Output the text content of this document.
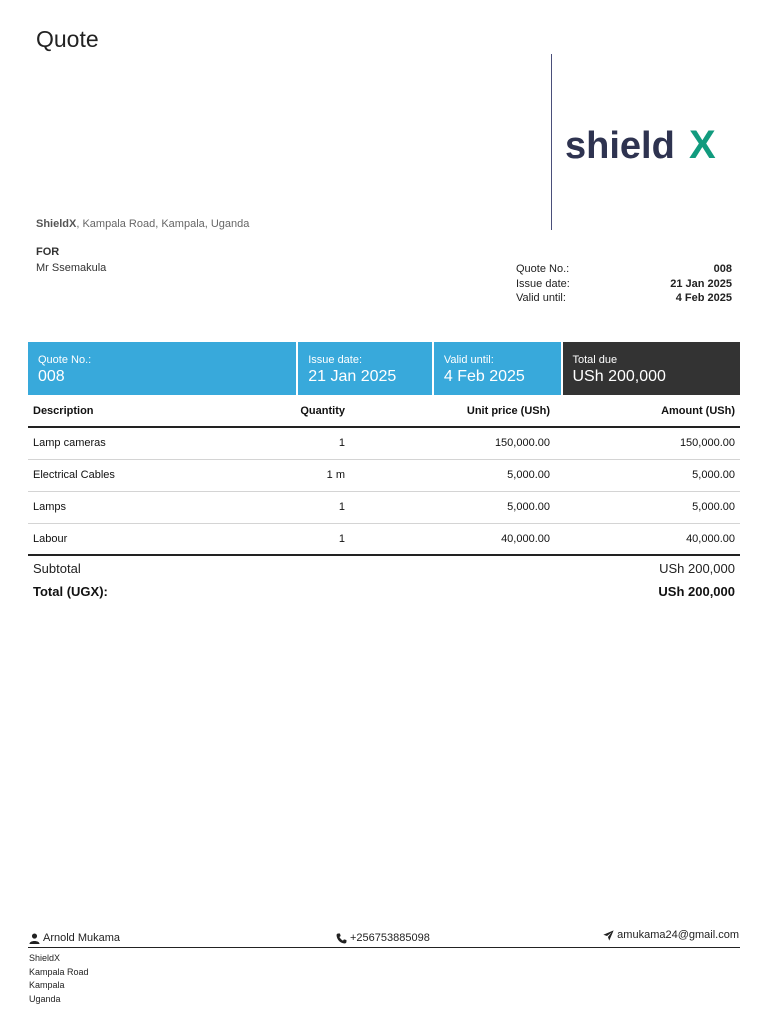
Quote
shield X
ShieldX, Kampala Road, Kampala, Uganda
FOR
Mr Ssemakula	Quote No.:	008
Issue date:	21 Jan 2025
Valid until:	4 Feb 2025
Quote No.:
008
Issue date:
21 Jan 2025
Valid until:
4 Feb 2025
Total due
USh 200,000
Description	Quantity	Unit price (USh)	Amount (USh)
Lamp cameras	1	150,000.00	150,000.00
Electrical Cables	1 m	5,000.00	5,000.00
Lamps	1	5,000.00	5,000.00
Labour	1	40,000.00	40,000.00
Subtotal	USh 200,000
Total (UGX):	USh 200,000
Arnold Mukama	+256753885098	amukama24@gmail.com
ShieldX
Kampala Road
Kampala
Uganda
